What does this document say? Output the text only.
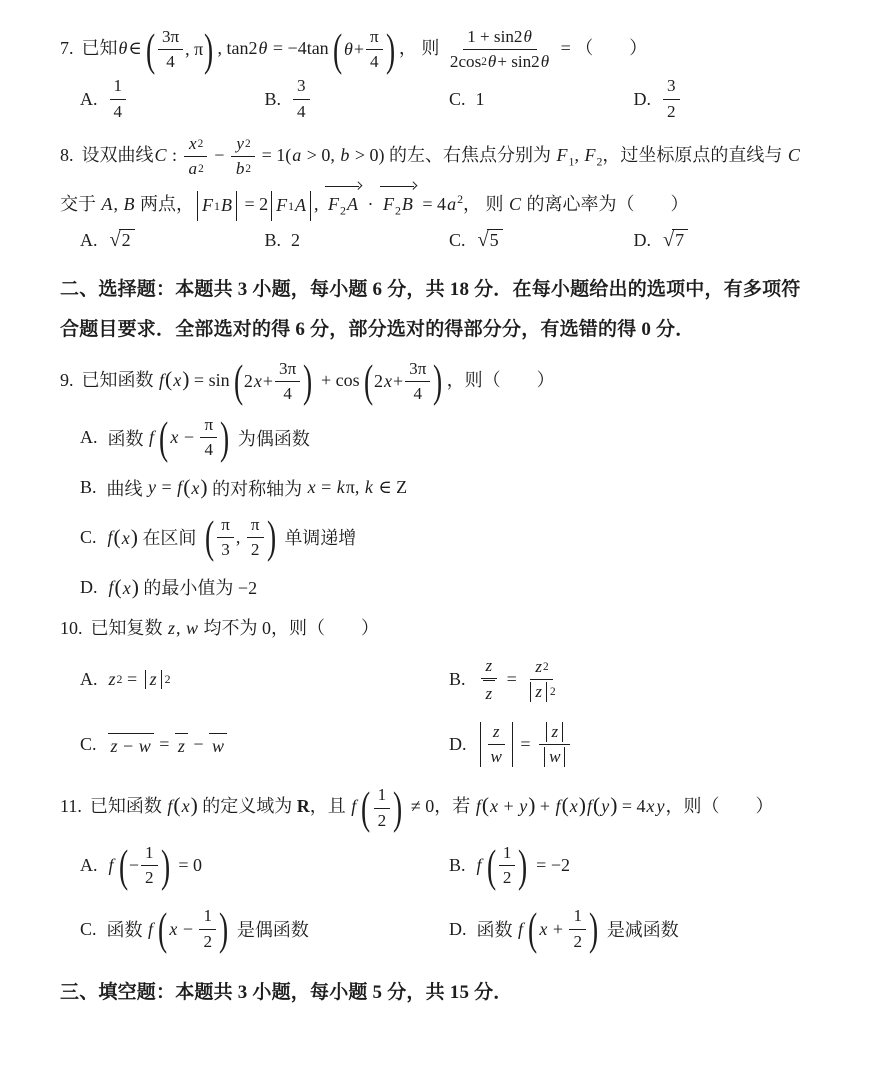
7. 已知θ∈ ( $\frac{3\pi}{4}$ , π ) , tan2θ = −4tan ( $\theta + \frac{\pi}{4}$ ) ， 则 $\frac{1 + \sin 2 \theta}{2\cos 2 \theta + \sin 2 \theta}$ = （　　）
A. $\frac{1}{4}$	B. $\frac{3}{4}$	C. 1	D. $\frac{3}{2}$
8. 设双曲线C : $\frac{x 2}{a 2} - \frac{y 2}{b 2} = 1(a > 0$, b > 0) 的左、右焦点分别为 $F_1$, $F_2$，过坐标原点的直线与 C 交于 A, B 两点， F 1 B = 2 F 1 A ,
$F_2A$ ·
$F_2B = 4a^2$， 则 C 的离心率为（　　）
A. √2	B. 2	C. √5	D. √7
二、选择题：本题共 3 小题，每小题 6 分，共 18 分．在每小题给出的选项中，有多项符合题目要求．全部选对的得 6 分，部分选对的得部分分，有选错的得 0 分．
9. 已知函数 f(x) = sin ( 2 $x + \frac{3\pi}{4}$ ) + cos ( 2 $x + \frac{3\pi}{4}$ ) ，则（　　）
A. 函数 f ( $x - \frac{\pi}{4}$ ) 为偶函数
B. 曲线 y = f (x) 的对称轴为 x = k π, k ∈ Z
C. f (x) 在区间 ( $\frac{\pi}{3}$ , $\frac{\pi}{2}$ ) 单调递增
D. f (x) 的最小值为 −2
10. 已知复数 z, w 均不为 0，则（　　）
A. z 2 = z 2	B. $\frac{z}{z} = \frac{z 2}{z 2}$
C. z − w = z − w	D. $\frac{z}{w} = \frac{z}{w}$
11. 已知函数 f(x) 的定义域为 R，且 f ( $\frac{1}{2}$ ) ≠ 0，若 f(x + y) + f(x)f(y) = 4x y，则（　　）
A. f ( − $\frac{1}{2}$ ) = 0	B. f ( $\frac{1}{2}$ ) = −2
C. 函数 f ( $x - \frac{1}{2}$ ) 是偶函数	D. 函数 f ( $x + \frac{1}{2}$ ) 是减函数
三、填空题：本题共 3 小题，每小题 5 分，共 15 分．
